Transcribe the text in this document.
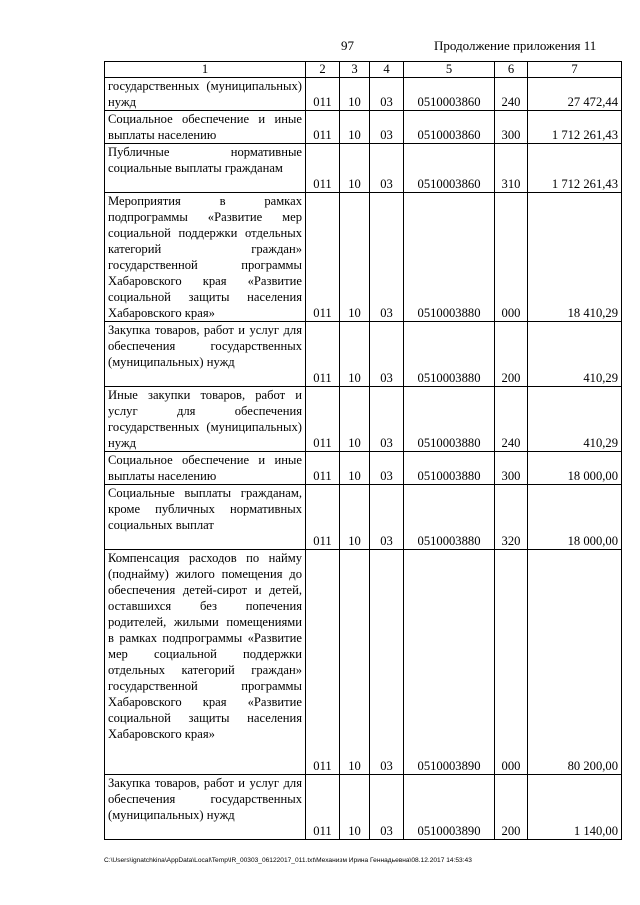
97	Продолжение приложения 11
1	2	3	4	5	6	7
государственных (муниципальных) нужд	011	10	03	0510003860	240	27 472,44
Социальное обеспечение и иные выплаты населению	011	10	03	0510003860	300	1 712 261,43
Публичные нормативные социальные выплаты гражданам	011	10	03	0510003860	310	1 712 261,43
Мероприятия в рамках подпрограммы «Развитие мер социальной поддержки отдельных категорий граждан» государственной программы Хабаровского края «Развитие социальной защиты населения Хабаровского края»	011	10	03	0510003880	000	18 410,29
Закупка товаров, работ и услуг для обеспечения государственных (муниципальных) нужд	011	10	03	0510003880	200	410,29
Иные закупки товаров, работ и услуг для обеспечения государственных (муниципальных) нужд	011	10	03	0510003880	240	410,29
Социальное обеспечение и иные выплаты населению	011	10	03	0510003880	300	18 000,00
Социальные выплаты гражданам, кроме публичных нормативных социальных выплат	011	10	03	0510003880	320	18 000,00
Компенсация расходов по найму (поднайму) жилого помещения до обеспечения детей-сирот и детей, оставшихся без попечения родителей, жилыми помещениями в рамках подпрограммы «Развитие мер социальной поддержки отдельных категорий граждан» государственной программы Хабаровского края «Развитие социальной защиты населения Хабаровского края»	011	10	03	0510003890	000	80 200,00
Закупка товаров, работ и услуг для обеспечения государственных (муниципальных) нужд	011	10	03	0510003890	200	1 140,00
C:\Users\ignatchkina\AppData\Local\Temp\IR_00303_06122017_011.txt\Механизм Ирина Геннадьевна\08.12.2017 14:53:43
